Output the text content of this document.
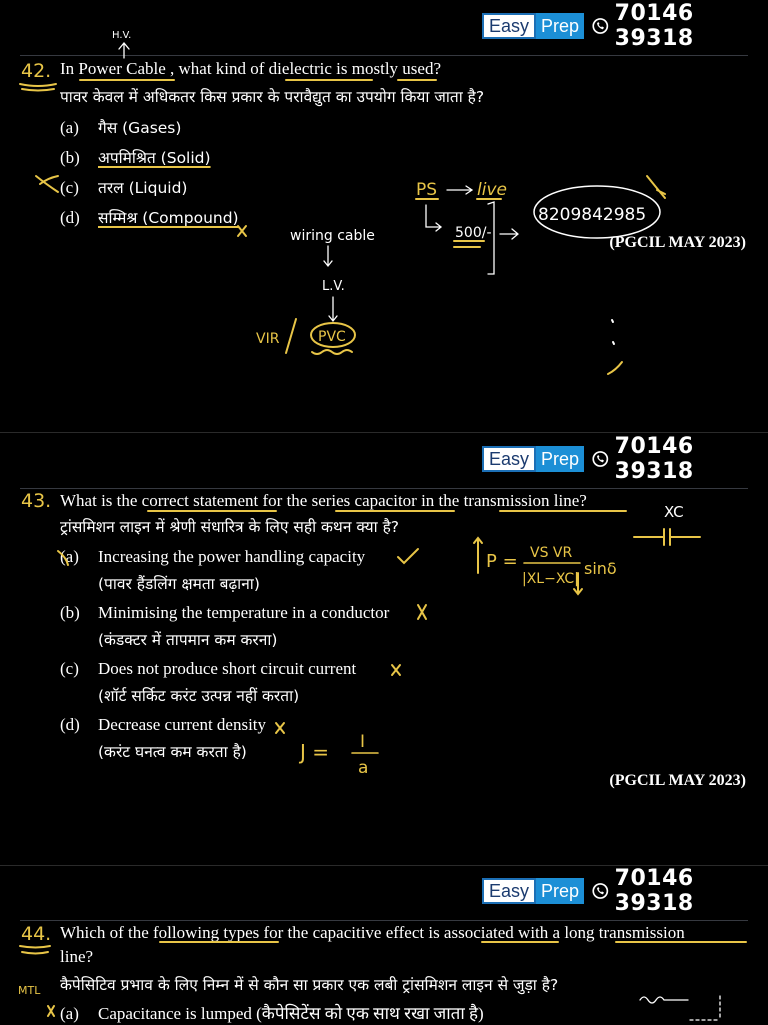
Easy Prep 70146 39318
In Power Cable , what kind of dielectric is mostly used?
पावर केवल में अधिकतर किस प्रकार के परावैद्युत का उपयोग किया जाता है?
(a) गैस (Gases)
(b) अपमिश्रित (Solid)
(c) तरल (Liquid)
(d) सम्मिश्र (Compound)
(PGCIL MAY 2023)
42.
wiring cable
L.V.
VIR	PVC
PS live
500/-
8209842985
H.V.
Easy Prep 70146 39318
What is the correct statement for the series capacitor in the transmission line?
ट्रांसमिशन लाइन में श्रेणी संधारित्र के लिए सही कथन क्या है?
(a) Increasing the power handling capacity
(पावर हैंडलिंग क्षमता बढ़ाना)
(b) Minimising the temperature in a conductor
(कंडक्टर में तापमान कम करना)
(c) Does not produce short circuit current
(शॉर्ट सर्किट करंट उत्पन्न नहीं करता)
(d) Decrease current density
(करंट घनत्व कम करता है)
(PGCIL MAY 2023)
43.	XC
P = VS VR
|XL−XC|
sinδ
J = I
a
Easy Prep 70146 39318
Which of the following types for the capacitive effect is associated with a long transmission
line?
कैपेसिटिव प्रभाव के लिए निम्न में से कौन सा प्रकार एक लबी ट्रांसमिशन लाइन से जुड़ा है?
(a) Capacitance is lumped (कैपेसिटेंस को एक साथ रखा जाता है)
44.
MTL
